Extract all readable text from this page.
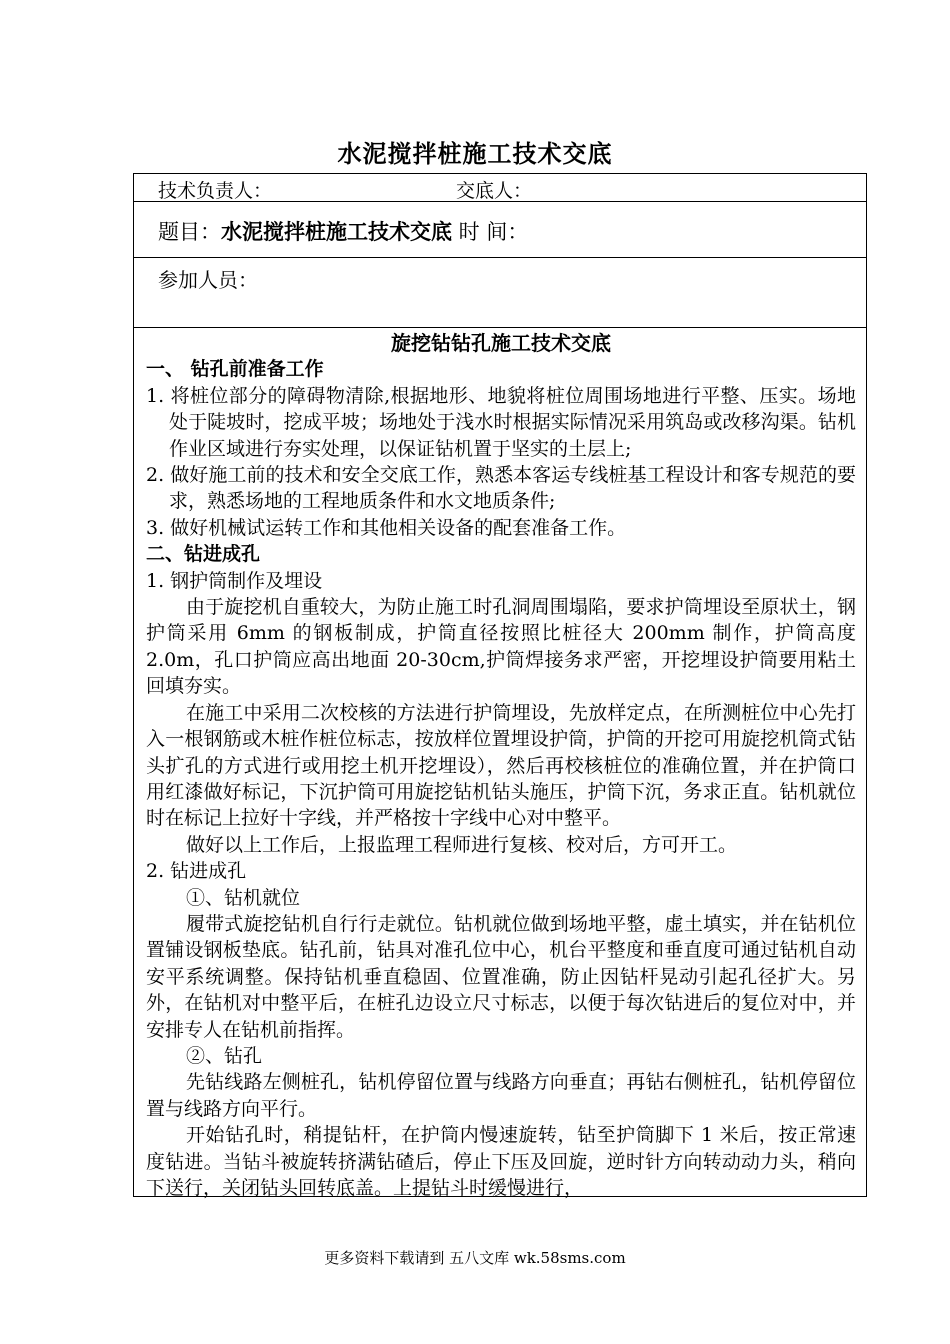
水泥搅拌桩施工技术交底
技术负责人：	交底人：
题目：水泥搅拌桩施工技术交底 时 间：
参加人员：

旋挖钻钻孔施工技术交底

一、 钻孔前准备工作

1. 将桩位部分的障碍物清除,根据地形、地貌将桩位周围场地进行平整、压实。场地处于陡坡时，挖成平坡；场地处于浅水时根据实际情况采用筑岛或改移沟渠。钻机作业区域进行夯实处理，以保证钻机置于坚实的土层上;

2. 做好施工前的技术和安全交底工作，熟悉本客运专线桩基工程设计和客专规范的要求，熟悉场地的工程地质条件和水文地质条件;

3. 做好机械试运转工作和其他相关设备的配套准备工作。

二、钻进成孔

1. 钢护筒制作及埋设

由于旋挖机自重较大，为防止施工时孔洞周围塌陷，要求护筒埋设至原状土，钢护筒采用 6mm 的钢板制成，护筒直径按照比桩径大 200mm 制作，护筒高度 2.0m，孔口护筒应高出地面 20-30cm,护筒焊接务求严密，开挖埋设护筒要用粘土回填夯实。

在施工中采用二次校核的方法进行护筒埋设，先放样定点，在所测桩位中心先打入一根钢筋或木桩作桩位标志，按放样位置埋设护筒，护筒的开挖可用旋挖机筒式钻头扩孔的方式进行或用挖土机开挖埋设），然后再校核桩位的准确位置，并在护筒口用红漆做好标记，下沉护筒可用旋挖钻机钻头施压，护筒下沉，务求正直。钻机就位时在标记上拉好十字线，并严格按十字线中心对中整平。

做好以上工作后，上报监理工程师进行复核、校对后，方可开工。

2. 钻进成孔

①、钻机就位

履带式旋挖钻机自行行走就位。钻机就位做到场地平整，虚土填实，并在钻机位置铺设钢板垫底。钻孔前，钻具对准孔位中心，机台平整度和垂直度可通过钻机自动安平系统调整。保持钻机垂直稳固、位置准确，防止因钻杆晃动引起孔径扩大。另外，在钻机对中整平后，在桩孔边设立尺寸标志，以便于每次钻进后的复位对中，并安排专人在钻机前指挥。

②、钻孔

先钻线路左侧桩孔，钻机停留位置与线路方向垂直；再钻右侧桩孔，钻机停留位置与线路方向平行。

开始钻孔时，稍提钻杆，在护筒内慢速旋转，钻至护筒脚下 1 米后，按正常速度钻进。当钻斗被旋转挤满钻碴后，停止下压及回旋，逆时针方向转动动力头，稍向下送行，关闭钻头回转底盖。上提钻斗时缓慢进行，

更多资料下载请到 五八文库 wk.58sms.com
